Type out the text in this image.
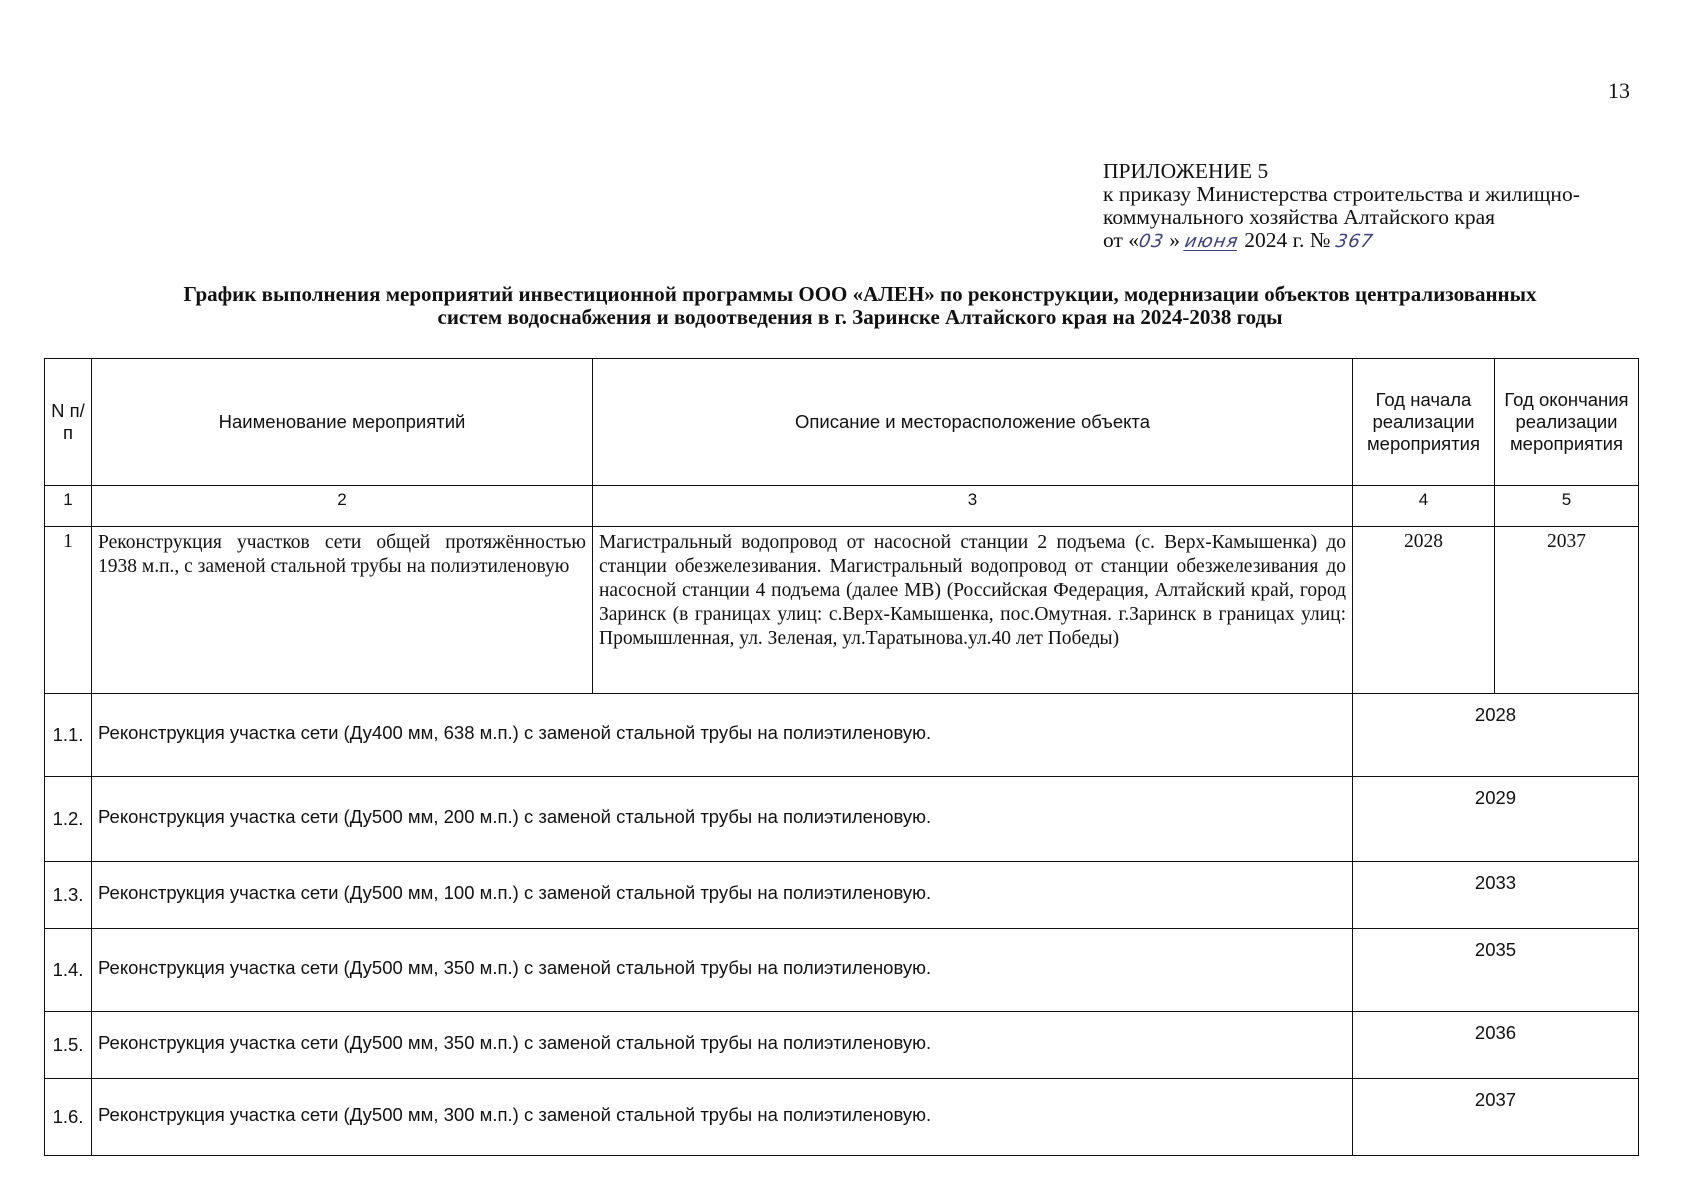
13
ПРИЛОЖЕНИЕ 5
к приказу Министерства строительства и жилищно-
коммунального хозяйства Алтайского края
от «03 » июня 2024 г. № 367
График выполнения мероприятий инвестиционной программы ООО «АЛЕН» по реконструкции, модернизации объектов централизованных
систем водоснабжения и водоотведения в г. Заринске Алтайского края на 2024-2038 годы
N п/п	Наименование мероприятий	Описание и месторасположение объекта	Год начала реализации мероприятия	Год окончания реализации мероприятия
1	2	3	4	5
1	Реконструкция участков сети общей протяжённостью 1938 м.п., с заменой стальной трубы на полиэтиленовую	Магистральный водопровод от насосной станции 2 подъема (с. Верх-Камышенка) до станции обезжелезивания. Магистральный водопровод от станции обезжелезивания до насосной станции 4 подъема (далее МВ) (Российская Федерация, Алтайский край, город Заринск (в границах улиц: с.Верх-Камышенка, пос.Омутная. г.Заринск в границах улиц: Промышленная, ул. Зеленая, ул.Таратынова.ул.40 лет Победы)	2028	2037
1.1.	Реконструкция участка сети (Ду400 мм, 638 м.п.) с заменой стальной трубы на полиэтиленовую.		2028	
1.2.	Реконструкция участка сети (Ду500 мм, 200 м.п.) с заменой стальной трубы на полиэтиленовую.		2029	
1.3.	Реконструкция участка сети (Ду500 мм, 100 м.п.) с заменой стальной трубы на полиэтиленовую.		2033	
1.4.	Реконструкция участка сети (Ду500 мм, 350 м.п.) с заменой стальной трубы на полиэтиленовую.		2035	
1.5.	Реконструкция участка сети (Ду500 мм, 350 м.п.) с заменой стальной трубы на полиэтиленовую.		2036	
1.6.	Реконструкция участка сети (Ду500 мм, 300 м.п.) с заменой стальной трубы на полиэтиленовую.		2037	
